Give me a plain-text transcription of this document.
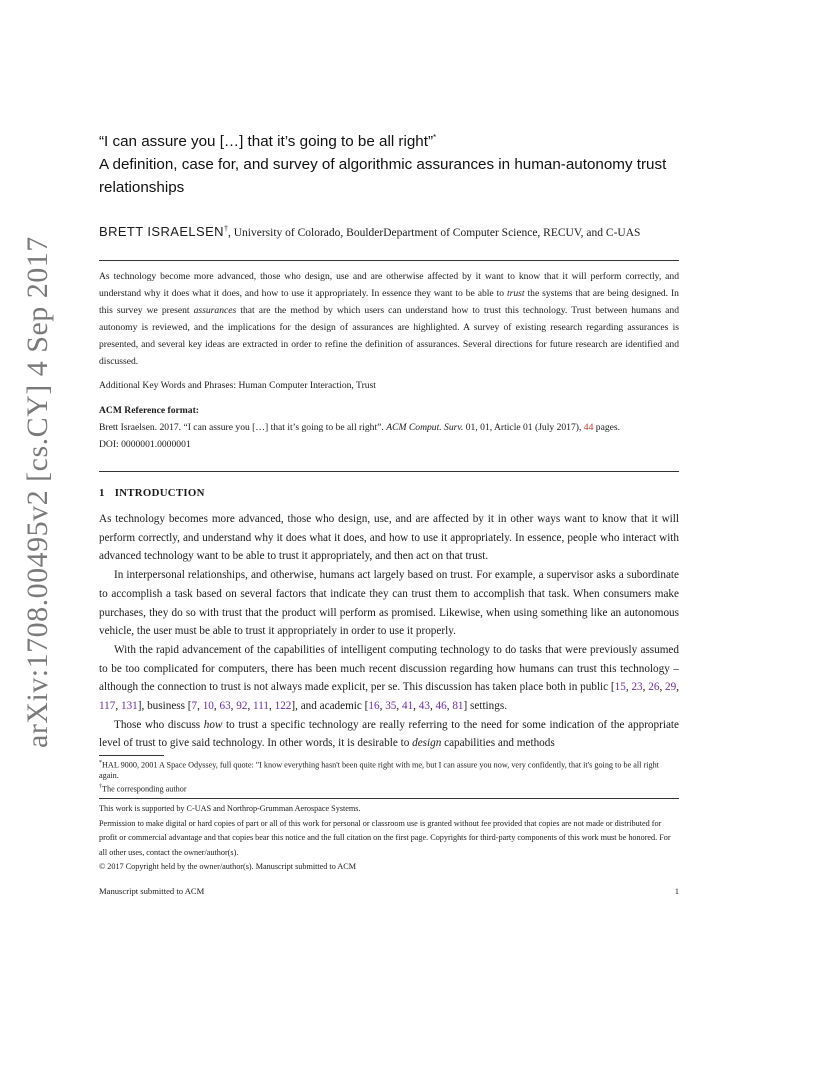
arXiv:1708.00495v2 [cs.CY] 4 Sep 2017
“I can assure you […] that it’s going to be all right”*
A definition, case for, and survey of algorithmic assurances in human-autonomy trust relationships
BRETT ISRAELSEN†, University of Colorado, BoulderDepartment of Computer Science, RECUV, and C-UAS
As technology become more advanced, those who design, use and are otherwise affected by it want to know that it will perform correctly, and understand why it does what it does, and how to use it appropriately. In essence they want to be able to trust the systems that are being designed. In this survey we present assurances that are the method by which users can understand how to trust this technology. Trust between humans and autonomy is reviewed, and the implications for the design of assurances are highlighted. A survey of existing research regarding assurances is presented, and several key ideas are extracted in order to refine the definition of assurances. Several directions for future research are identified and discussed.
Additional Key Words and Phrases: Human Computer Interaction, Trust
ACM Reference format:
Brett Israelsen. 2017. “I can assure you […] that it’s going to be all right”. ACM Comput. Surv. 01, 01, Article 01 (July 2017), 44 pages.
DOI: 0000001.0000001
1 INTRODUCTION

As technology becomes more advanced, those who design, use, and are affected by it in other ways want to know that it will perform correctly, and understand why it does what it does, and how to use it appropriately. In essence, people who interact with advanced technology want to be able to trust it appropriately, and then act on that trust.

In interpersonal relationships, and otherwise, humans act largely based on trust. For example, a supervisor asks a subordinate to accomplish a task based on several factors that indicate they can trust them to accomplish that task. When consumers make purchases, they do so with trust that the product will perform as promised. Likewise, when using something like an autonomous vehicle, the user must be able to trust it appropriately in order to use it properly.

With the rapid advancement of the capabilities of intelligent computing technology to do tasks that were previously assumed to be too complicated for computers, there has been much recent discussion regarding how humans can trust this technology – although the connection to trust is not always made explicit, per se. This discussion has taken place both in public [15, 23, 26, 29, 117, 131], business [7, 10, 63, 92, 111, 122], and academic [16, 35, 41, 43, 46, 81] settings.

Those who discuss how to trust a specific technology are really referring to the need for some indication of the appropriate level of trust to give said technology. In other words, it is desirable to design capabilities and methods

*HAL 9000, 2001 A Space Odyssey, full quote: "I know everything hasn't been quite right with me, but I can assure you now, very confidently, that it's going to be all right again.
†The corresponding author
This work is supported by C-UAS and Northrop-Grumman Aerospace Systems.
Permission to make digital or hard copies of part or all of this work for personal or classroom use is granted without fee provided that copies are not made or distributed for profit or commercial advantage and that copies bear this notice and the full citation on the first page. Copyrights for third-party components of this work must be honored. For all other uses, contact the owner/author(s).
© 2017 Copyright held by the owner/author(s). Manuscript submitted to ACM
Manuscript submitted to ACM	1
